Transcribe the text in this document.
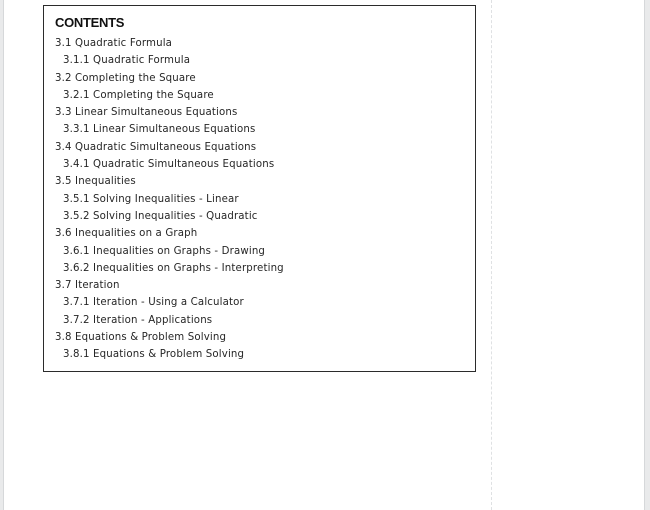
CONTENTS
3.1 Quadratic Formula
3.1.1 Quadratic Formula
3.2 Completing the Square
3.2.1 Completing the Square
3.3 Linear Simultaneous Equations
3.3.1 Linear Simultaneous Equations
3.4 Quadratic Simultaneous Equations
3.4.1 Quadratic Simultaneous Equations
3.5 Inequalities
3.5.1 Solving Inequalities - Linear
3.5.2 Solving Inequalities - Quadratic
3.6 Inequalities on a Graph
3.6.1 Inequalities on Graphs - Drawing
3.6.2 Inequalities on Graphs - Interpreting
3.7 Iteration
3.7.1 Iteration - Using a Calculator
3.7.2 Iteration - Applications
3.8 Equations & Problem Solving
3.8.1 Equations & Problem Solving
